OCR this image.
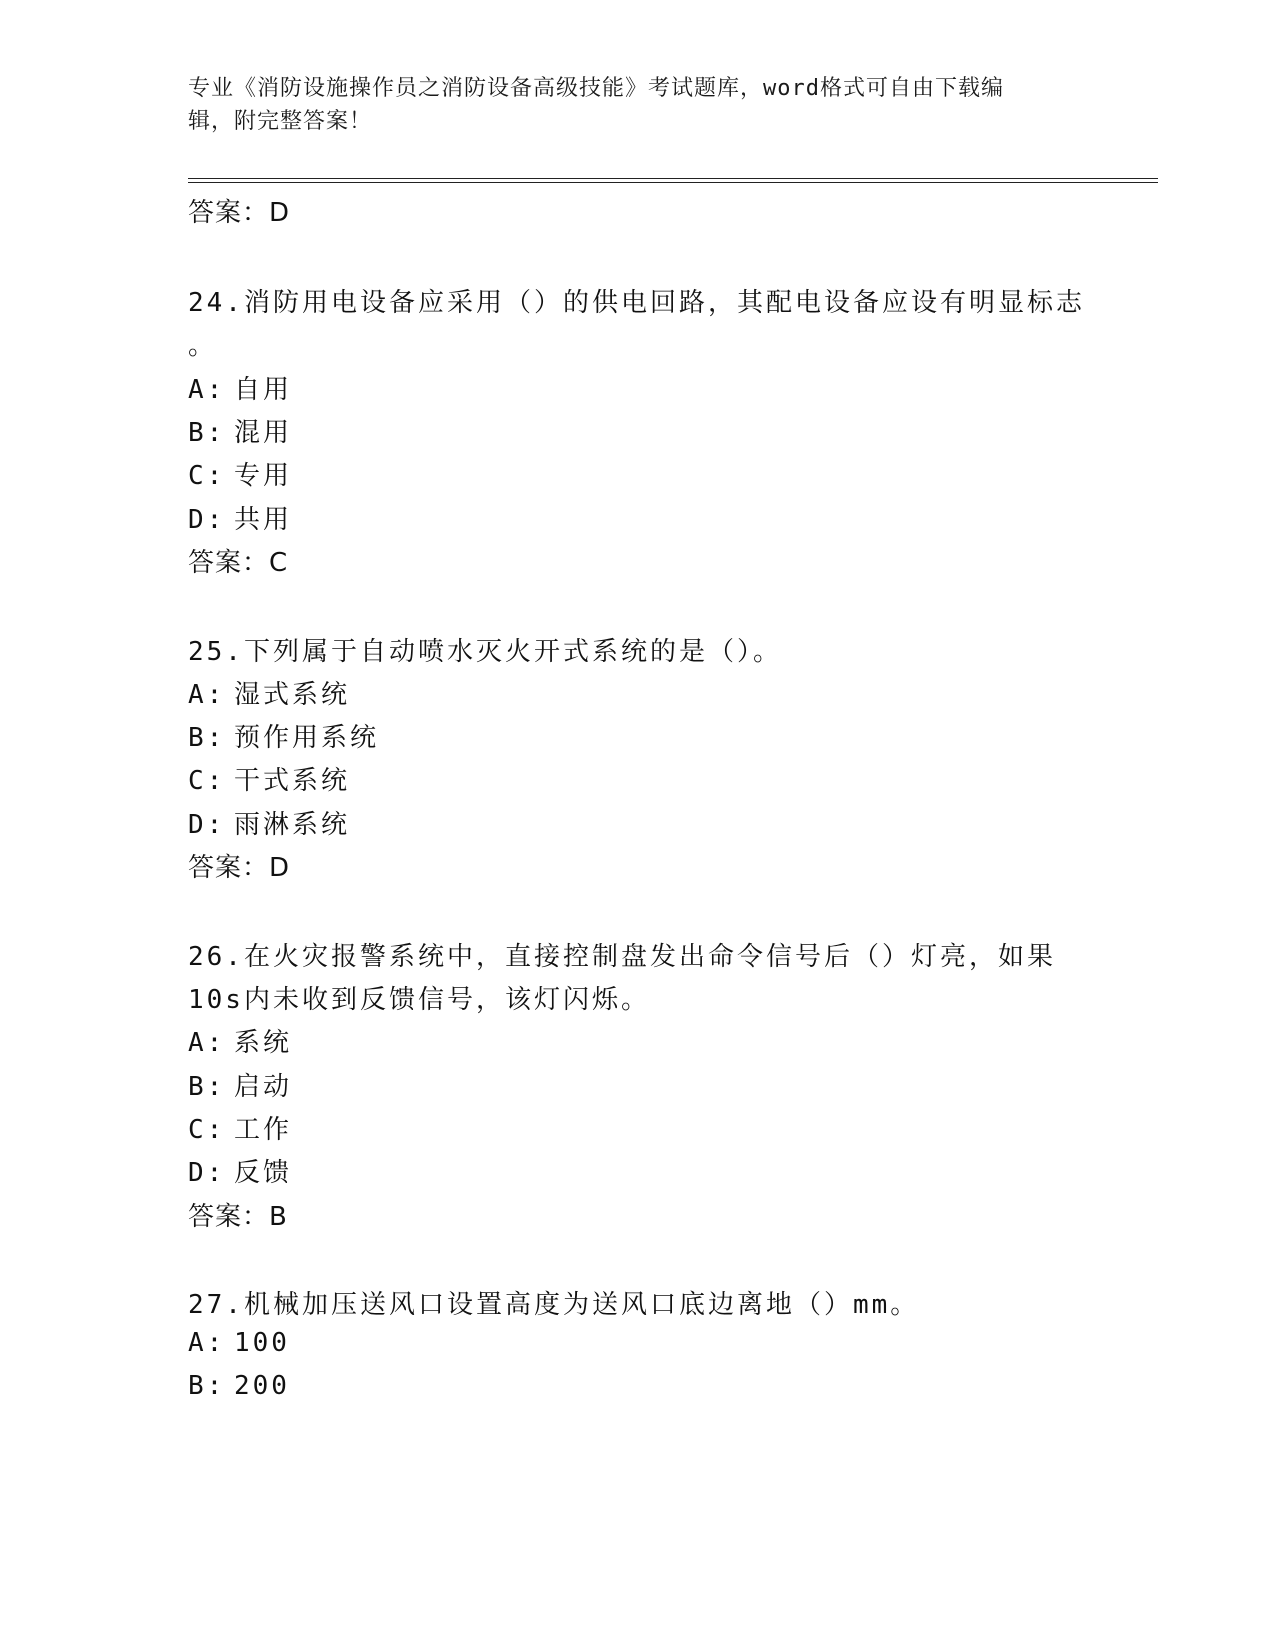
专业《消防设施操作员之消防设备高级技能》考试题库，word格式可自由下载编
辑，附完整答案！
答案：D
24.消防用电设备应采用（）的供电回路，其配电设备应设有明显标志
。
A: 自用
B: 混用
C: 专用
D: 共用
答案：C
25.下列属于自动喷水灭火开式系统的是（）。
A: 湿式系统
B: 预作用系统
C: 干式系统
D: 雨淋系统
答案：D
26.在火灾报警系统中，直接控制盘发出命令信号后（）灯亮，如果
10s内未收到反馈信号，该灯闪烁。
A: 系统
B: 启动
C: 工作
D: 反馈
答案：B
27.机械加压送风口设置高度为送风口底边离地（）mm。
A: 100
B: 200
